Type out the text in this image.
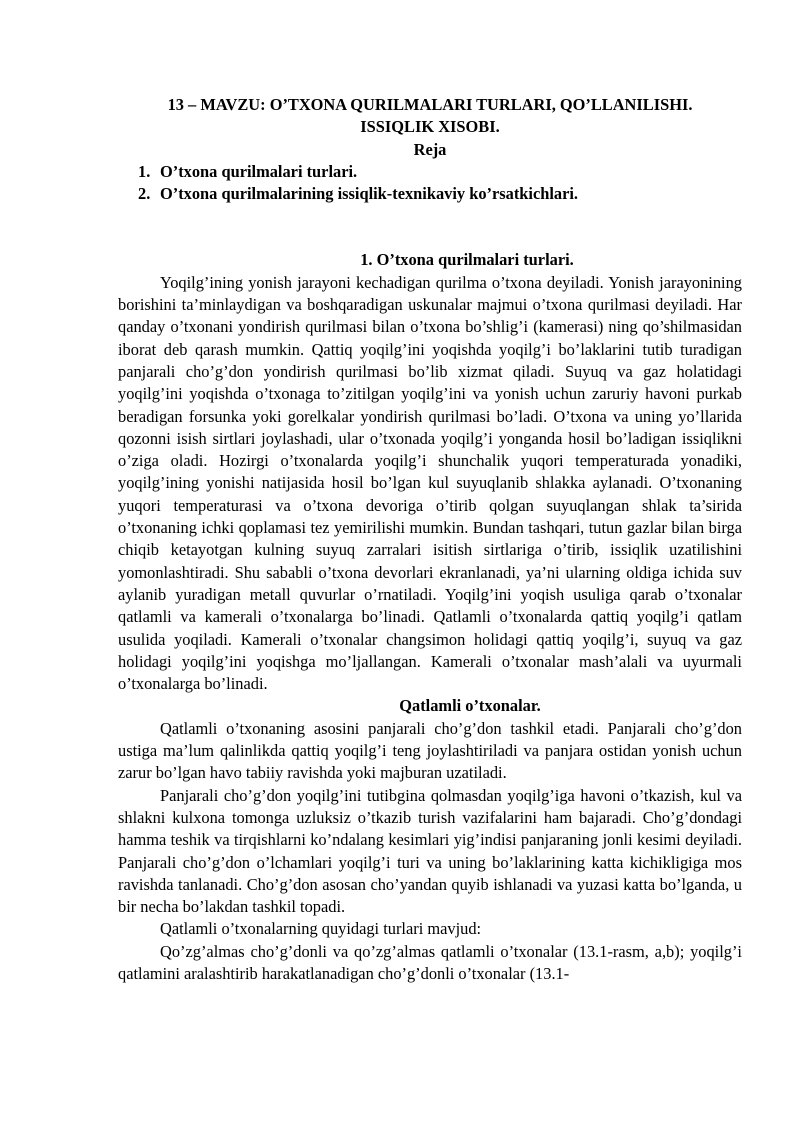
13 – MAVZU: O’TXONA QURILMALARI TURLARI, QO’LLANILISHI.
ISSIQLIK XISOBI.
Reja
1. O’txona qurilmalari turlari.
2. O’txona qurilmalarining issiqlik-texnikaviy ko’rsatkichlari.
1. O’txona qurilmalari turlari.

Yoqilg’ining yonish jarayoni kechadigan qurilma o’txona deyiladi. Yonish jarayonining borishini ta’minlaydigan va boshqaradigan uskunalar majmui o’txona qurilmasi deyiladi. Har qanday o’txonani yondirish qurilmasi bilan o’txona bo’shlig’i (kamerasi) ning qo’shilmasidan iborat deb qarash mumkin. Qattiq yoqilg’ini yoqishda yoqilg’i bo’laklarini tutib turadigan panjarali cho’g’don yondirish qurilmasi bo’lib xizmat qiladi. Suyuq va gaz holatidagi yoqilg’ini yoqishda o’txonaga to’zitilgan yoqilg’ini va yonish uchun zaruriy havoni purkab beradigan forsunka yoki gorelkalar yondirish qurilmasi bo’ladi. O’txona va uning yo’llarida qozonni isish sirtlari joylashadi, ular o’txonada yoqilg’i yonganda hosil bo’ladigan issiqlikni o’ziga oladi. Hozirgi o’txonalarda yoqilg’i shunchalik yuqori temperaturada yonadiki, yoqilg’ining yonishi natijasida hosil bo’lgan kul suyuqlanib shlakka aylanadi. O’txonaning yuqori temperaturasi va o’txona devoriga o’tirib qolgan suyuqlangan shlak ta’sirida o’txonaning ichki qoplamasi tez yemirilishi mumkin. Bundan tashqari, tutun gazlar bilan birga chiqib ketayotgan kulning suyuq zarralari isitish sirtlariga o’tirib, issiqlik uzatilishini yomonlashtiradi. Shu sababli o’txona devorlari ekranlanadi, ya’ni ularning oldiga ichida suv aylanib yuradigan metall quvurlar o’rnatiladi. Yoqilg’ini yoqish usuliga qarab o’txonalar qatlamli va kamerali o’txonalarga bo’linadi. Qatlamli o’txonalarda qattiq yoqilg’i qatlam usulida yoqiladi. Kamerali o’txonalar changsimon holidagi qattiq yoqilg’i, suyuq va gaz holidagi yoqilg’ini yoqishga mo’ljallangan. Kamerali o’txonalar mash’alali va uyurmali o’txonalarga bo’linadi.

Qatlamli o’txonalar.

Qatlamli o’txonaning asosini panjarali cho’g’don tashkil etadi. Panjarali cho’g’don ustiga ma’lum qalinlikda qattiq yoqilg’i teng joylashtiriladi va panjara ostidan yonish uchun zarur bo’lgan havo tabiiy ravishda yoki majburan uzatiladi.

Panjarali cho’g’don yoqilg’ini tutibgina qolmasdan yoqilg’iga havoni o’tkazish, kul va shlakni kulxona tomonga uzluksiz o’tkazib turish vazifalarini ham bajaradi. Cho’g’dondagi hamma teshik va tirqishlarni ko’ndalang kesimlari yig’indisi panjaraning jonli kesimi deyiladi. Panjarali cho’g’don o’lchamlari yoqilg’i turi va uning bo’laklarining katta kichikligiga mos ravishda tanlanadi. Cho’g’don asosan cho’yandan quyib ishlanadi va yuzasi katta bo’lganda, u bir necha bo’lakdan tashkil topadi.

Qatlamli o’txonalarning quyidagi turlari mavjud:

Qo’zg’almas cho’g’donli va qo’zg’almas qatlamli o’txonalar (13.1-rasm, a,b); yoqilg’i qatlamini aralashtirib harakatlanadigan cho’g’donli o’txonalar (13.1-
